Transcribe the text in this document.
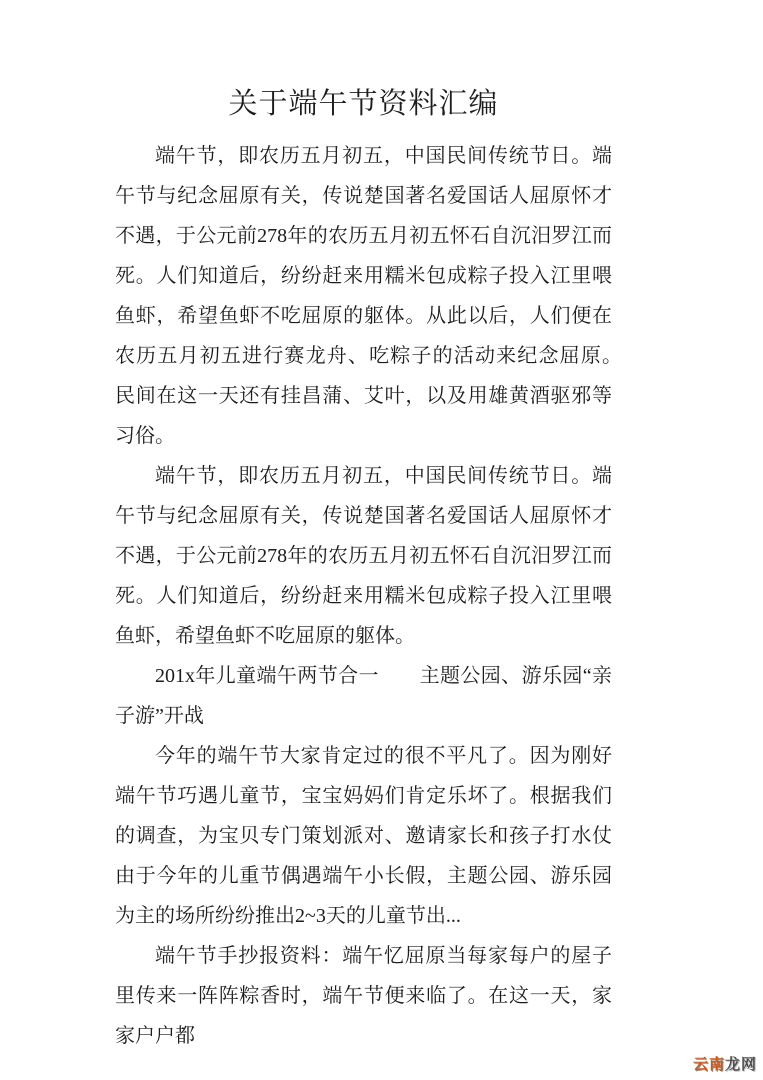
关于端午节资料汇编

端午节，即农历五月初五，中国民间传统节日。端午节与纪念屈原有关，传说楚国著名爱国话人屈原怀才不遇，于公元前278年的农历五月初五怀石自沉汨罗江而死。人们知道后，纷纷赶来用糯米包成粽子投入江里喂鱼虾，希望鱼虾不吃屈原的躯体。从此以后，人们便在农历五月初五进行赛龙舟、吃粽子的活动来纪念屈原。　　民间在这一天还有挂昌蒲、艾叶，以及用雄黄酒驱邪等习俗。

端午节，即农历五月初五，中国民间传统节日。端午节与纪念屈原有关，传说楚国著名爱国话人屈原怀才不遇，于公元前278年的农历五月初五怀石自沉汨罗江而死。人们知道后，纷纷赶来用糯米包成粽子投入江里喂鱼虾，希望鱼虾不吃屈原的躯体。

201x年儿童端午两节合一　　主题公园、游乐园“亲子游”开战

今年的端午节大家肯定过的很不平凡了。因为刚好端午节巧遇儿童节，宝宝妈妈们肯定乐坏了。根据我们的调查，为宝贝专门策划派对、邀请家长和孩子打水仗由于今年的儿重节偶遇端午小长假，主题公园、游乐园为主的场所纷纷推出2~3天的儿童节出...

端午节手抄报资料：端午忆屈原当每家每户的屋子里传来一阵阵粽香时，端午节便来临了。在这一天，家家户户都

云南龙网
